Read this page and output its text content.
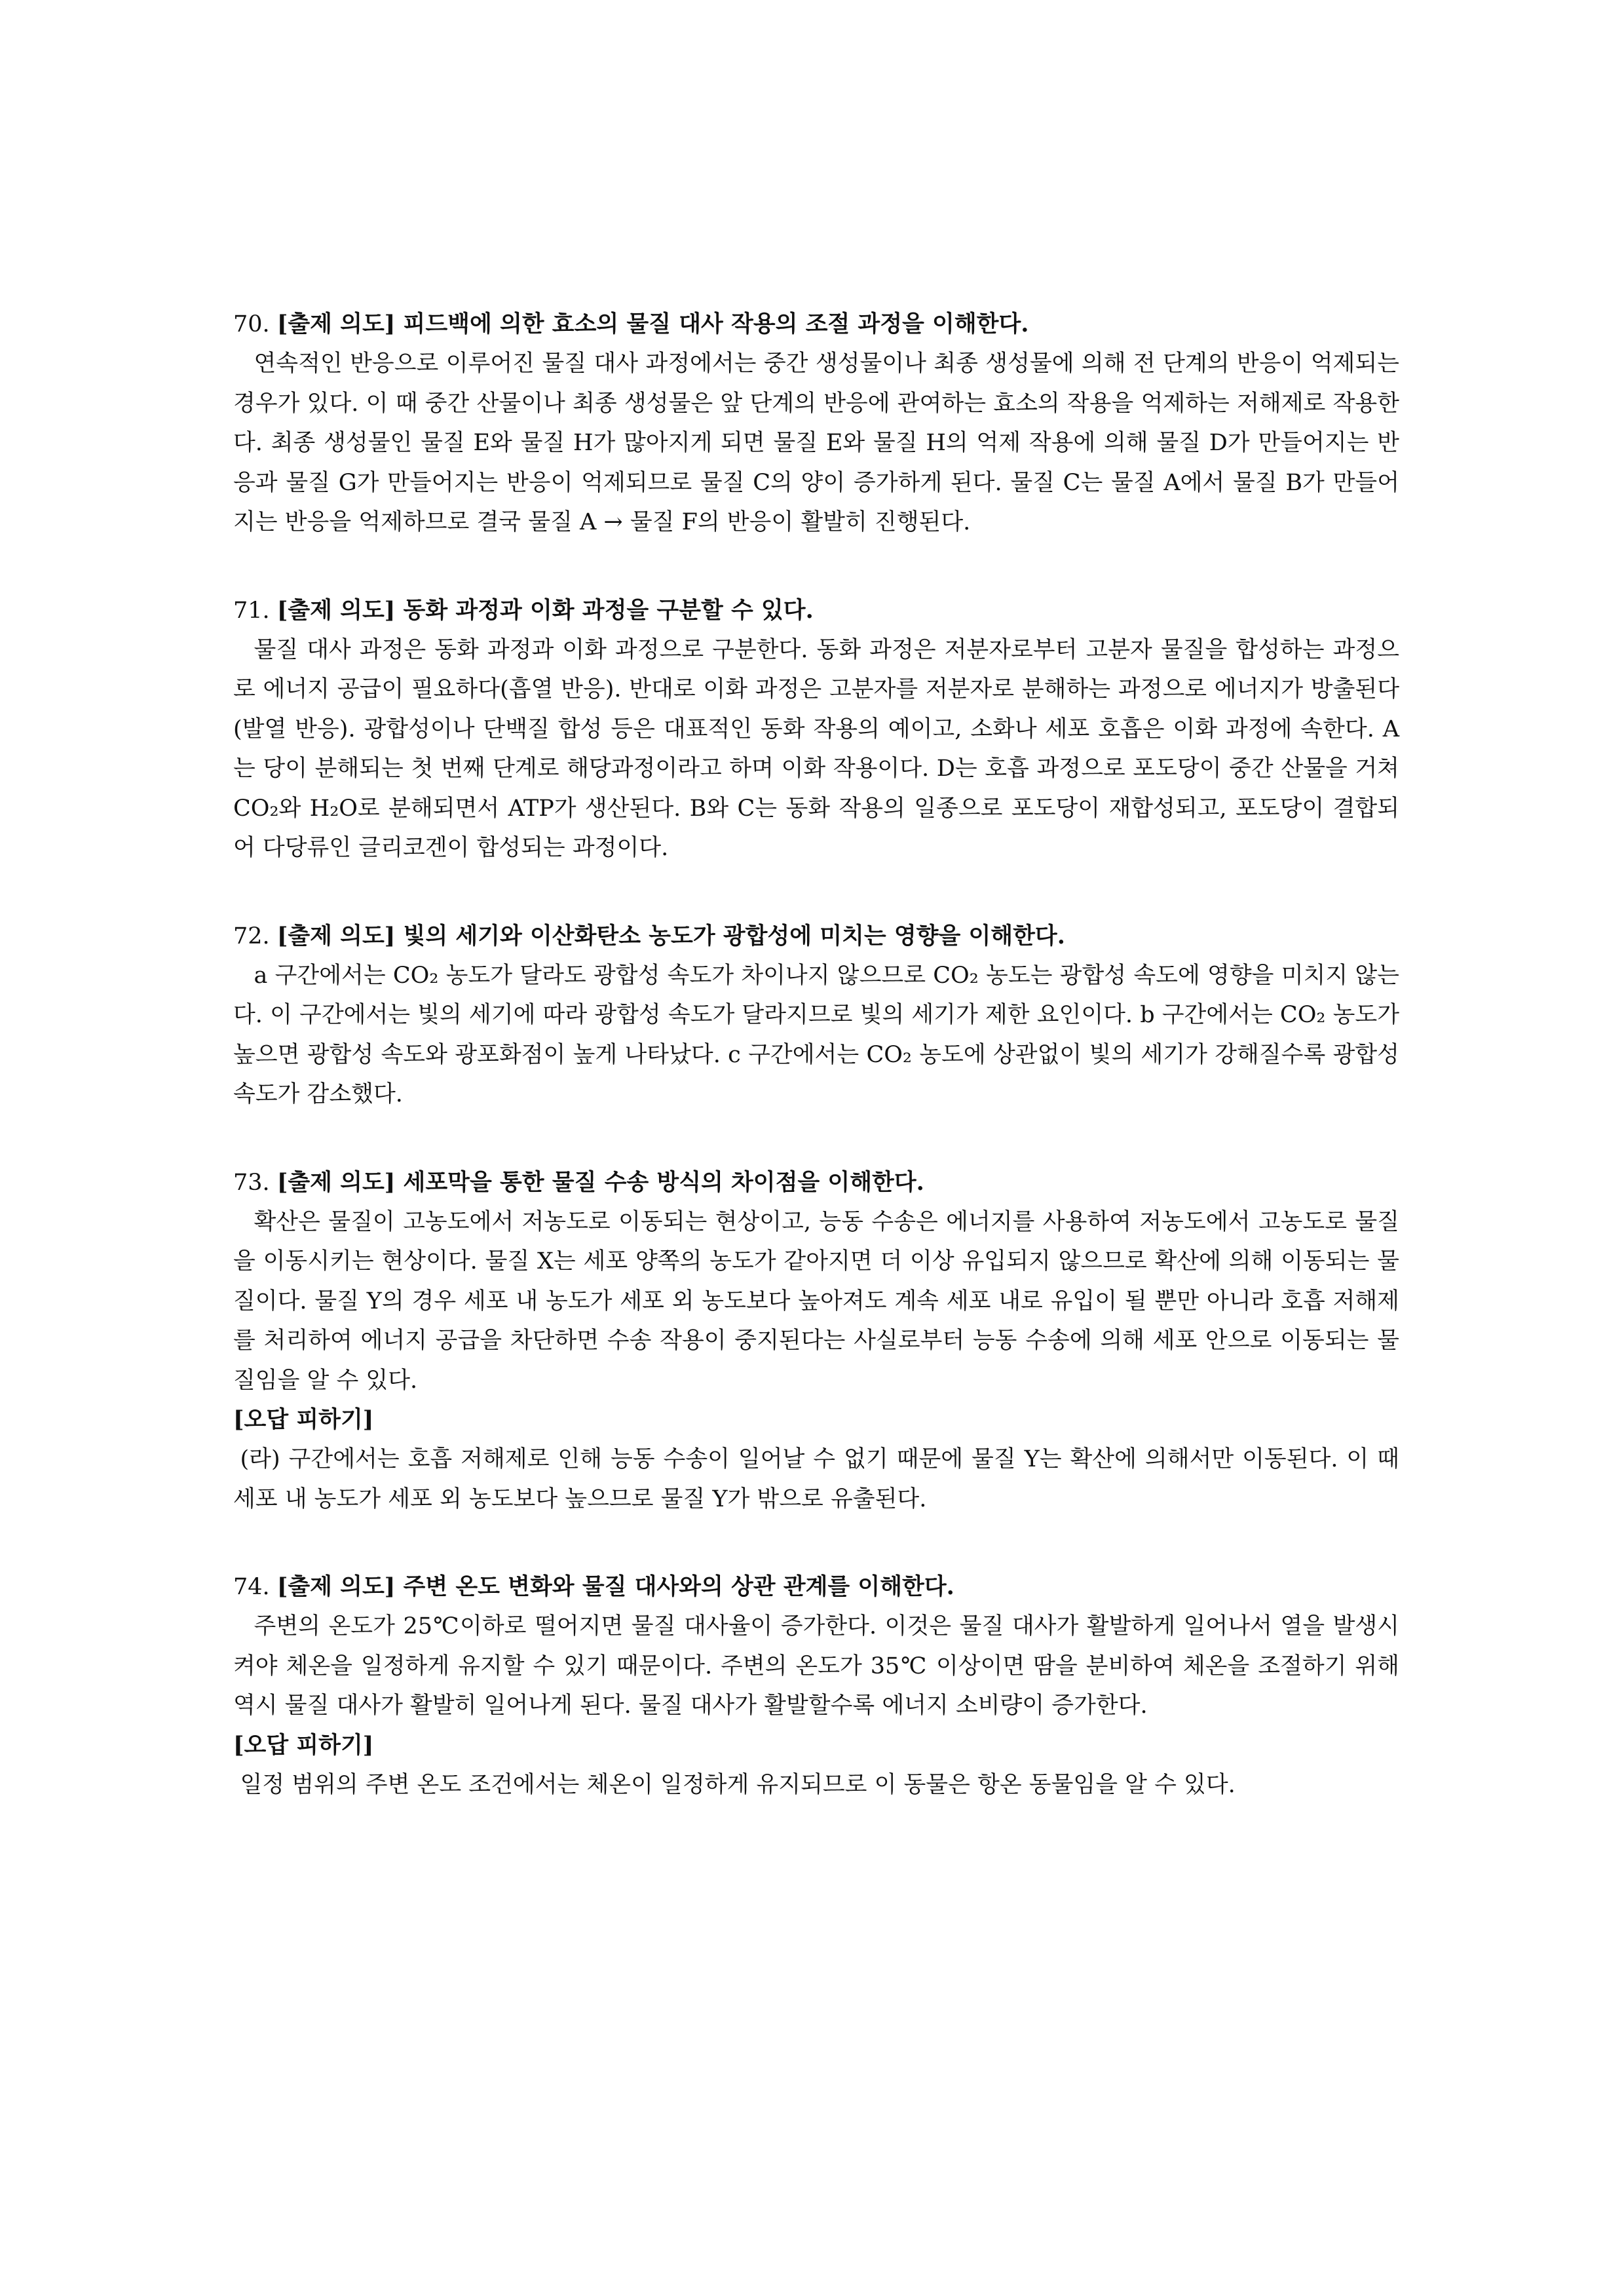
70. [출제 의도] 피드백에 의한 효소의 물질 대사 작용의 조절 과정을 이해한다.

연속적인 반응으로 이루어진 물질 대사 과정에서는 중간 생성물이나 최종 생성물에 의해 전 단계의 반응이 억제되는 경우가 있다. 이 때 중간 산물이나 최종 생성물은 앞 단계의 반응에 관여하는 효소의 작용을 억제하는 저해제로 작용한다. 최종 생성물인 물질 E와 물질 H가 많아지게 되면 물질 E와 물질 H의 억제 작용에 의해 물질 D가 만들어지는 반응과 물질 G가 만들어지는 반응이 억제되므로 물질 C의 양이 증가하게 된다. 물질 C는 물질 A에서 물질 B가 만들어지는 반응을 억제하므로 결국 물질 A → 물질 F의 반응이 활발히 진행된다.

71. [출제 의도] 동화 과정과 이화 과정을 구분할 수 있다.

물질 대사 과정은 동화 과정과 이화 과정으로 구분한다. 동화 과정은 저분자로부터 고분자 물질을 합성하는 과정으로 에너지 공급이 필요하다(흡열 반응). 반대로 이화 과정은 고분자를 저분자로 분해하는 과정으로 에너지가 방출된다(발열 반응). 광합성이나 단백질 합성 등은 대표적인 동화 작용의 예이고, 소화나 세포 호흡은 이화 과정에 속한다. A는 당이 분해되는 첫 번째 단계로 해당과정이라고 하며 이화 작용이다. D는 호흡 과정으로 포도당이 중간 산물을 거쳐 CO₂와 H₂O로 분해되면서 ATP가 생산된다. B와 C는 동화 작용의 일종으로 포도당이 재합성되고, 포도당이 결합되어 다당류인 글리코겐이 합성되는 과정이다.

72. [출제 의도] 빛의 세기와 이산화탄소 농도가 광합성에 미치는 영향을 이해한다.

a 구간에서는 CO₂ 농도가 달라도 광합성 속도가 차이나지 않으므로 CO₂ 농도는 광합성 속도에 영향을 미치지 않는다. 이 구간에서는 빛의 세기에 따라 광합성 속도가 달라지므로 빛의 세기가 제한 요인이다. b 구간에서는 CO₂ 농도가 높으면 광합성 속도와 광포화점이 높게 나타났다. c 구간에서는 CO₂ 농도에 상관없이 빛의 세기가 강해질수록 광합성 속도가 감소했다.

73. [출제 의도] 세포막을 통한 물질 수송 방식의 차이점을 이해한다.

확산은 물질이 고농도에서 저농도로 이동되는 현상이고, 능동 수송은 에너지를 사용하여 저농도에서 고농도로 물질을 이동시키는 현상이다. 물질 X는 세포 양쪽의 농도가 같아지면 더 이상 유입되지 않으므로 확산에 의해 이동되는 물질이다. 물질 Y의 경우 세포 내 농도가 세포 외 농도보다 높아져도 계속 세포 내로 유입이 될 뿐만 아니라 호흡 저해제를 처리하여 에너지 공급을 차단하면 수송 작용이 중지된다는 사실로부터 능동 수송에 의해 세포 안으로 이동되는 물질임을 알 수 있다.

[오답 피하기]

(라) 구간에서는 호흡 저해제로 인해 능동 수송이 일어날 수 없기 때문에 물질 Y는 확산에 의해서만 이동된다. 이 때 세포 내 농도가 세포 외 농도보다 높으므로 물질 Y가 밖으로 유출된다.

74. [출제 의도] 주변 온도 변화와 물질 대사와의 상관 관계를 이해한다.

주변의 온도가 25℃이하로 떨어지면 물질 대사율이 증가한다. 이것은 물질 대사가 활발하게 일어나서 열을 발생시켜야 체온을 일정하게 유지할 수 있기 때문이다. 주변의 온도가 35℃ 이상이면 땀을 분비하여 체온을 조절하기 위해 역시 물질 대사가 활발히 일어나게 된다. 물질 대사가 활발할수록 에너지 소비량이 증가한다.

[오답 피하기]

일정 범위의 주변 온도 조건에서는 체온이 일정하게 유지되므로 이 동물은 항온 동물임을 알 수 있다.
